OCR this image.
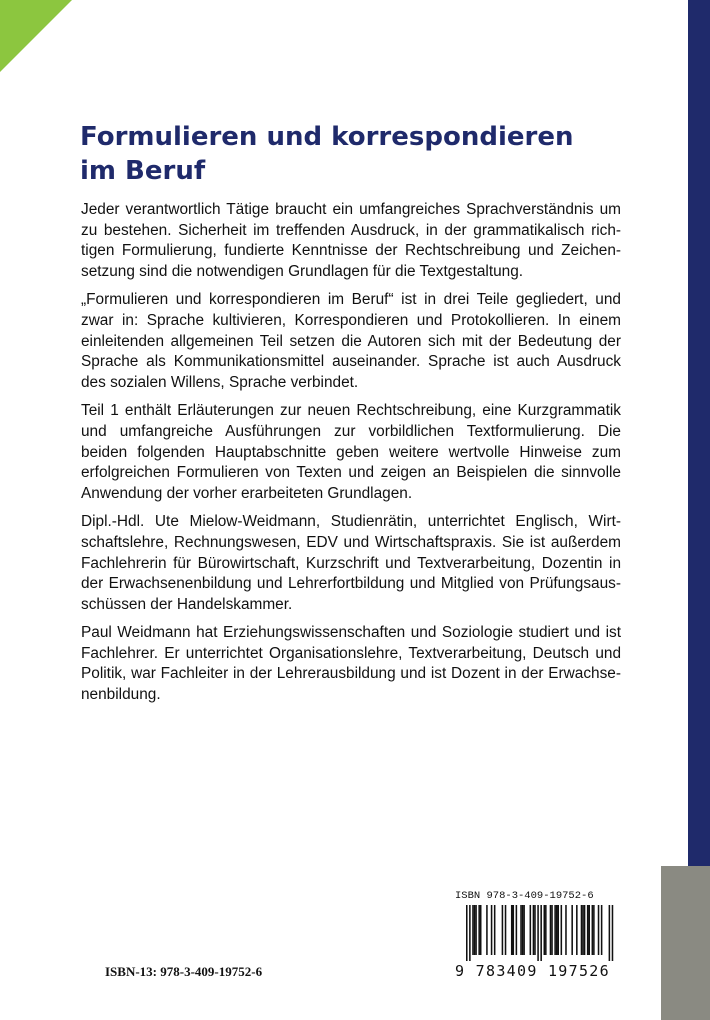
Formulieren und korrespondieren
im Beruf

Jeder verantwortlich Tätige braucht ein umfangreiches Sprachverständnis um
zu bestehen. Sicherheit im treffenden Ausdruck, in der grammatikalisch rich-
tigen Formulierung, fundierte Kenntnisse der Rechtschreibung und Zeichen-
setzung sind die notwendigen Grundlagen für die Textgestaltung.

„Formulieren und korrespondieren im Beruf“ ist in drei Teile gegliedert, und
zwar in: Sprache kultivieren, Korrespondieren und Protokollieren. In einem
einleitenden allgemeinen Teil setzen die Autoren sich mit der Bedeutung der
Sprache als Kommunikationsmittel auseinander. Sprache ist auch Ausdruck
des sozialen Willens, Sprache verbindet.

Teil 1 enthält Erläuterungen zur neuen Rechtschreibung, eine Kurzgrammatik
und umfangreiche Ausführungen zur vorbildlichen Textformulierung. Die
beiden folgenden Hauptabschnitte geben weitere wertvolle Hinweise zum
erfolgreichen Formulieren von Texten und zeigen an Beispielen die sinnvolle
Anwendung der vorher erarbeiteten Grundlagen.

Dipl.-Hdl. Ute Mielow-Weidmann, Studienrätin, unterrichtet Englisch, Wirt-
schaftslehre, Rechnungswesen, EDV und Wirtschaftspraxis. Sie ist außerdem
Fachlehrerin für Bürowirtschaft, Kurzschrift und Textverarbeitung, Dozentin in
der Erwachsenenbildung und Lehrerfortbildung und Mitglied von Prüfungsaus-
schüssen der Handelskammer.

Paul Weidmann hat Erziehungswissenschaften und Soziologie studiert und ist
Fachlehrer. Er unterrichtet Organisationslehre, Textverarbeitung, Deutsch und
Politik, war Fachleiter in der Lehrerausbildung und ist Dozent in der Erwachse-
nenbildung.

ISBN-13: 978-3-409-19752-6
ISBN 978-3-409-19752-6
9 783409 197526
